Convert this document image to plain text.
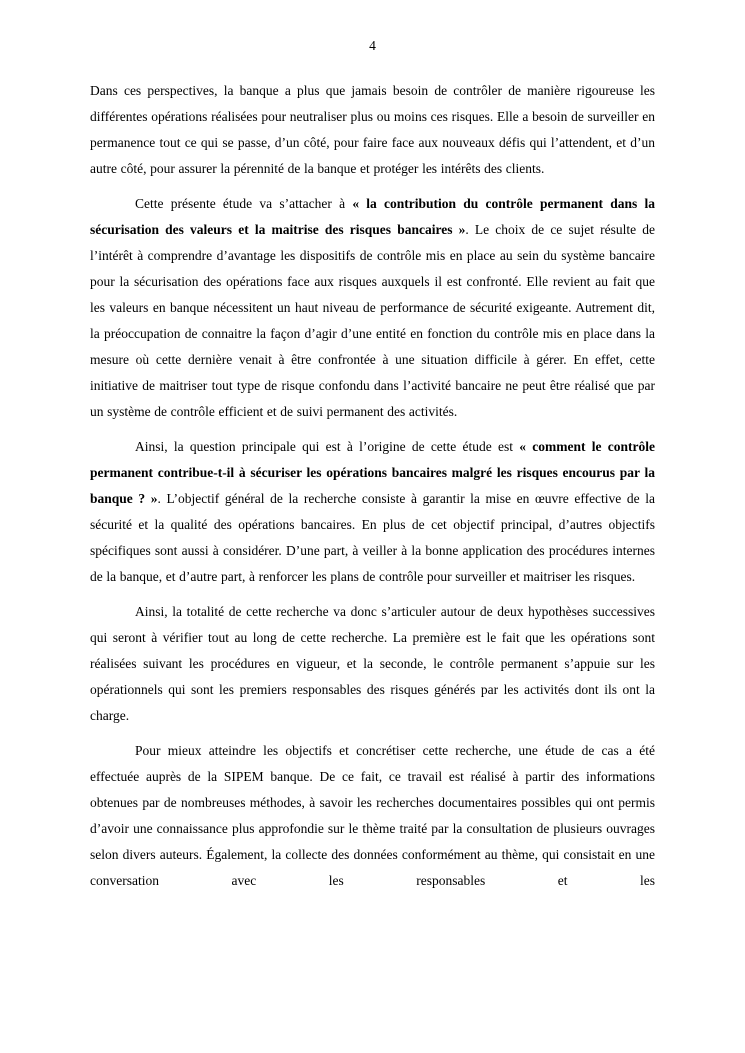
4

Dans ces perspectives, la banque a plus que jamais besoin de contrôler de manière rigoureuse les différentes opérations réalisées pour neutraliser plus ou moins ces risques. Elle a besoin de surveiller en permanence tout ce qui se passe, d’un côté, pour faire face aux nouveaux défis qui l’attendent, et d’un autre côté, pour assurer la pérennité de la banque et protéger les intérêts des clients.

Cette présente étude va s’attacher à « la contribution du contrôle permanent dans la sécurisation des valeurs et la maitrise des risques bancaires ». Le choix de ce sujet résulte de l’intérêt à comprendre d’avantage les dispositifs de contrôle mis en place au sein du système bancaire pour la sécurisation des opérations face aux risques auxquels il est confronté. Elle revient au fait que les valeurs en banque nécessitent un haut niveau de performance de sécurité exigeante. Autrement dit, la préoccupation de connaitre la façon d’agir d’une entité en fonction du contrôle mis en place dans la mesure où cette dernière venait à être confrontée à une situation difficile à gérer. En effet, cette initiative de maitriser tout type de risque confondu dans l’activité bancaire ne peut être réalisé que par un système de contrôle efficient et de suivi permanent des activités.

Ainsi, la question principale qui est à l’origine de cette étude est « comment le contrôle permanent contribue-t-il à sécuriser les opérations bancaires malgré les risques encourus par la banque ? ». L’objectif général de la recherche consiste à garantir la mise en œuvre effective de la sécurité et la qualité des opérations bancaires. En plus de cet objectif principal, d’autres objectifs spécifiques sont aussi à considérer. D’une part, à veiller à la bonne application des procédures internes de la banque, et d’autre part, à renforcer les plans de contrôle pour surveiller et maitriser les risques.

Ainsi, la totalité de cette recherche va donc s’articuler autour de deux hypothèses successives qui seront à vérifier tout au long de cette recherche. La première est le fait que les opérations sont réalisées suivant les procédures en vigueur, et la seconde, le contrôle permanent s’appuie sur les opérationnels qui sont les premiers responsables des risques générés par les activités dont ils ont la charge.

Pour mieux atteindre les objectifs et concrétiser cette recherche, une étude de cas a été effectuée auprès de la SIPEM banque. De ce fait, ce travail est réalisé à partir des informations obtenues par de nombreuses méthodes, à savoir les recherches documentaires possibles qui ont permis d’avoir une connaissance plus approfondie sur le thème traité par la consultation de plusieurs ouvrages selon divers auteurs. Également, la collecte des données conformément au thème, qui consistait en une conversation avec les responsables et les
